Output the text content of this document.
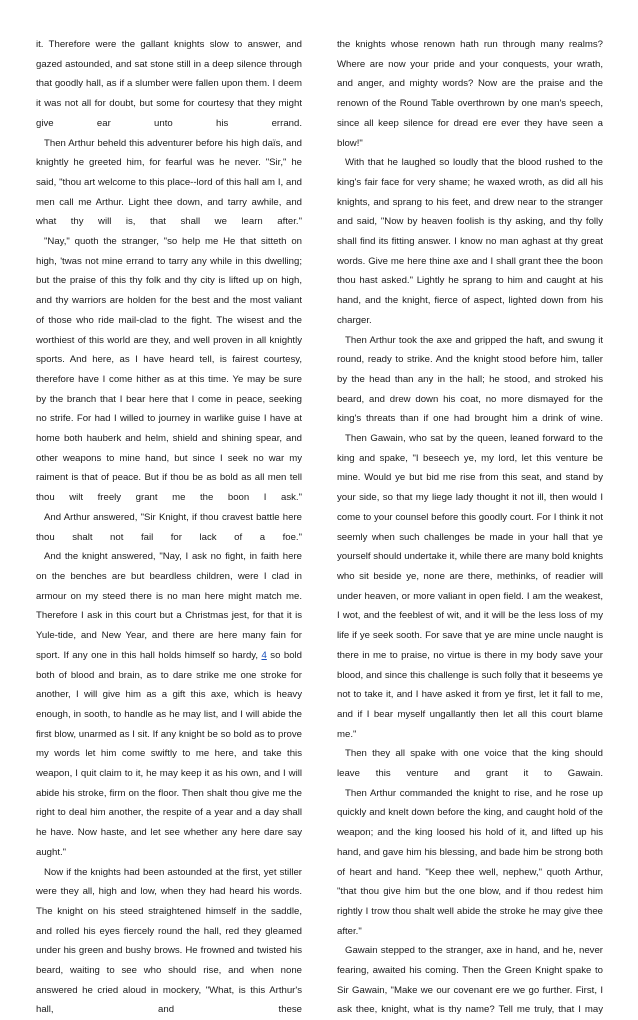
it. Therefore were the gallant knights slow to answer, and gazed astounded, and sat stone still in a deep silence through that goodly hall, as if a slumber were fallen upon them. I deem it was not all for doubt, but some for courtesy that they might give ear unto his errand.

Then Arthur beheld this adventurer before his high daïs, and knightly he greeted him, for fearful was he never. "Sir," he said, "thou art welcome to this place--lord of this hall am I, and men call me Arthur. Light thee down, and tarry awhile, and what thy will is, that shall we learn after."

"Nay," quoth the stranger, "so help me He that sitteth on high, 'twas not mine errand to tarry any while in this dwelling; but the praise of this thy folk and thy city is lifted up on high, and thy warriors are holden for the best and the most valiant of those who ride mail-clad to the fight. The wisest and the worthiest of this world are they, and well proven in all knightly sports. And here, as I have heard tell, is fairest courtesy, therefore have I come hither as at this time. Ye may be sure by the branch that I bear here that I come in peace, seeking no strife. For had I willed to journey in warlike guise I have at home both hauberk and helm, shield and shining spear, and other weapons to mine hand, but since I seek no war my raiment is that of peace. But if thou be as bold as all men tell thou wilt freely grant me the boon I ask."

And Arthur answered, "Sir Knight, if thou cravest battle here thou shalt not fail for lack of a foe."

And the knight answered, "Nay, I ask no fight, in faith here on the benches are but beardless children, were I clad in armour on my steed there is no man here might match me. Therefore I ask in this court but a Christmas jest, for that it is Yule-tide, and New Year, and there are here many fain for sport. If any one in this hall holds himself so hardy, 4 so bold both of blood and brain, as to dare strike me one stroke for another, I will give him as a gift this axe, which is heavy enough, in sooth, to handle as he may list, and I will abide the first blow, unarmed as I sit. If any knight be so bold as to prove my words let him come swiftly to me here, and take this weapon, I quit claim to it, he may keep it as his own, and I will abide his stroke, firm on the floor. Then shalt thou give me the right to deal him another, the respite of a year and a day shall he have. Now haste, and let see whether any here dare say aught."

Now if the knights had been astounded at the first, yet stiller were they all, high and low, when they had heard his words. The knight on his steed straightened himself in the saddle, and rolled his eyes fiercely round the hall, red they gleamed under his green and bushy brows. He frowned and twisted his beard, waiting to see who should rise, and when none answered he cried aloud in mockery, "What, is this Arthur's hall, and these

the knights whose renown hath run through many realms? Where are now your pride and your conquests, your wrath, and anger, and mighty words? Now are the praise and the renown of the Round Table overthrown by one man's speech, since all keep silence for dread ere ever they have seen a blow!"

With that he laughed so loudly that the blood rushed to the king's fair face for very shame; he waxed wroth, as did all his knights, and sprang to his feet, and drew near to the stranger and said, "Now by heaven foolish is thy asking, and thy folly shall find its fitting answer. I know no man aghast at thy great words. Give me here thine axe and I shall grant thee the boon thou hast asked." Lightly he sprang to him and caught at his hand, and the knight, fierce of aspect, lighted down from his charger.

Then Arthur took the axe and gripped the haft, and swung it round, ready to strike. And the knight stood before him, taller by the head than any in the hall; he stood, and stroked his beard, and drew down his coat, no more dismayed for the king's threats than if one had brought him a drink of wine.

Then Gawain, who sat by the queen, leaned forward to the king and spake, "I beseech ye, my lord, let this venture be mine. Would ye but bid me rise from this seat, and stand by your side, so that my liege lady thought it not ill, then would I come to your counsel before this goodly court. For I think it not seemly when such challenges be made in your hall that ye yourself should undertake it, while there are many bold knights who sit beside ye, none are there, methinks, of readier will under heaven, or more valiant in open field. I am the weakest, I wot, and the feeblest of wit, and it will be the less loss of my life if ye seek sooth. For save that ye are mine uncle naught is there in me to praise, no virtue is there in my body save your blood, and since this challenge is such folly that it beseems ye not to take it, and I have asked it from ye first, let it fall to me, and if I bear myself ungallantly then let all this court blame me."

Then they all spake with one voice that the king should leave this venture and grant it to Gawain.

Then Arthur commanded the knight to rise, and he rose up quickly and knelt down before the king, and caught hold of the weapon; and the king loosed his hold of it, and lifted up his hand, and gave him his blessing, and bade him be strong both of heart and hand. "Keep thee well, nephew," quoth Arthur, "that thou give him but the one blow, and if thou redest him rightly I trow thou shalt well abide the stroke he may give thee after."

Gawain stepped to the stranger, axe in hand, and he, never fearing, awaited his coming. Then the Green Knight spake to Sir Gawain, "Make we our covenant ere we go further. First, I ask thee, knight, what is thy name? Tell me truly, that I may
